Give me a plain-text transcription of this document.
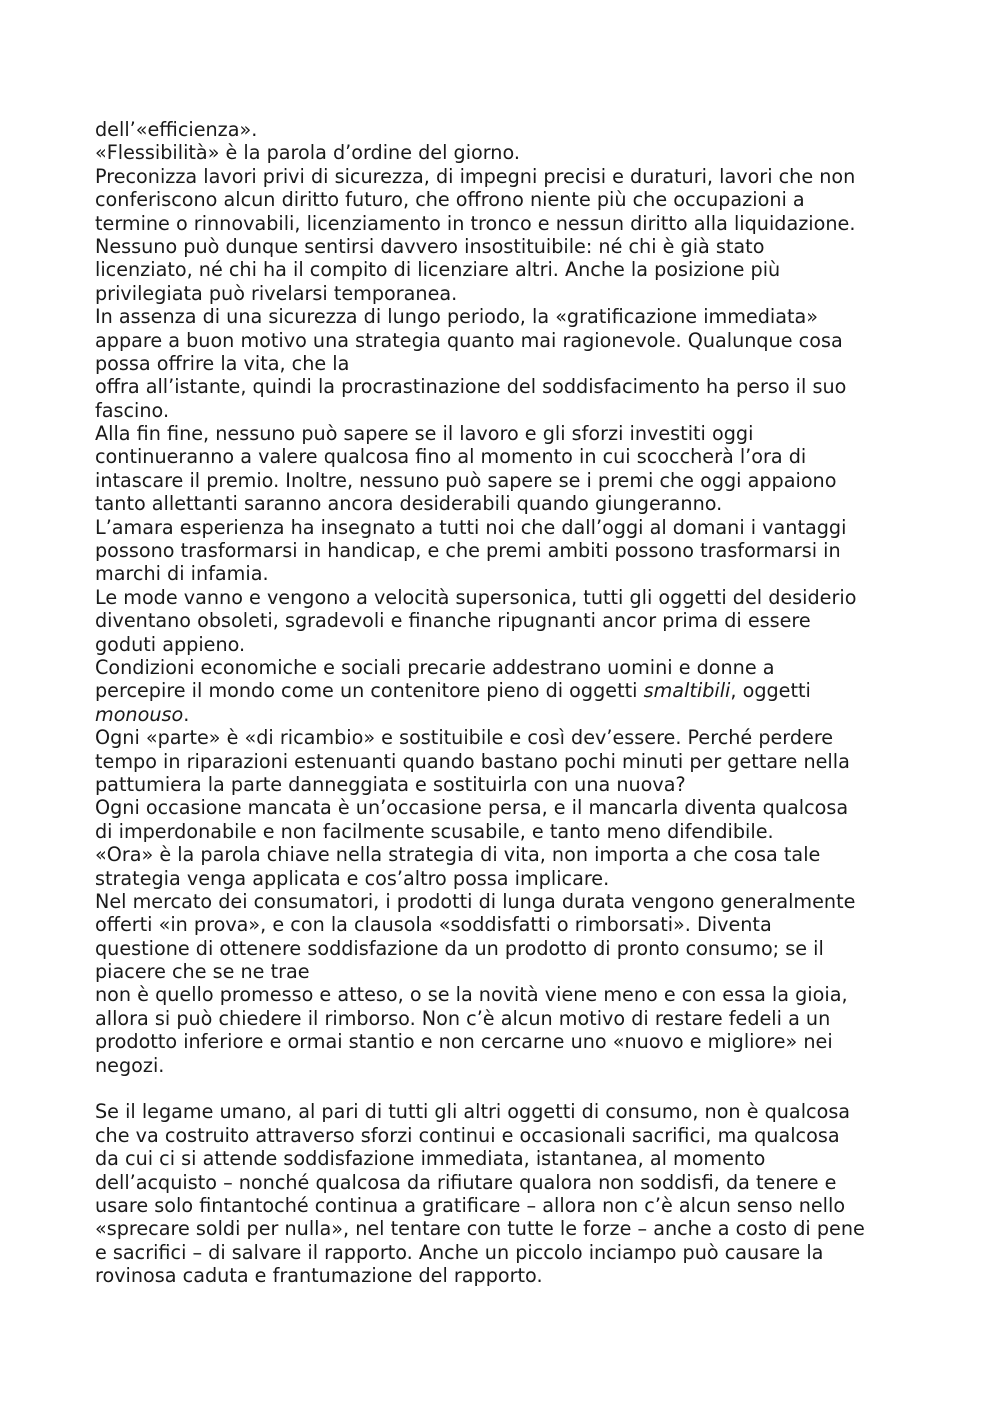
dell’«efficienza».
«Flessibilità» è la parola d’ordine del giorno.
Preconizza lavori privi di sicurezza, di impegni precisi e duraturi, lavori che non
conferiscono alcun diritto futuro, che offrono niente più che occupazioni a
termine o rinnovabili, licenziamento in tronco e nessun diritto alla liquidazione.
Nessuno può dunque sentirsi davvero insostituibile: né chi è già stato
licenziato, né chi ha il compito di licenziare altri. Anche la posizione più
privilegiata può rivelarsi temporanea.
In assenza di una sicurezza di lungo periodo, la «gratificazione immediata»
appare a buon motivo una strategia quanto mai ragionevole. Qualunque cosa
possa offrire la vita, che la
offra all’istante, quindi la procrastinazione del soddisfacimento ha perso il suo
fascino.
Alla fin fine, nessuno può sapere se il lavoro e gli sforzi investiti oggi
continueranno a valere qualcosa fino al momento in cui scoccherà l’ora di
intascare il premio. Inoltre, nessuno può sapere se i premi che oggi appaiono
tanto allettanti saranno ancora desiderabili quando giungeranno.
L’amara esperienza ha insegnato a tutti noi che dall’oggi al domani i vantaggi
possono trasformarsi in handicap, e che premi ambiti possono trasformarsi in
marchi di infamia.
Le mode vanno e vengono a velocità supersonica, tutti gli oggetti del desiderio
diventano obsoleti, sgradevoli e financhе ripugnanti ancor prima di essere
goduti appieno.
Condizioni economiche e sociali precarie addestrano uomini e donne a
percepire il mondo come un contenitore pieno di oggetti smaltibili, oggetti
monouso.
Ogni «parte» è «di ricambio» e sostituibile e così dev’essere. Perché perdere
tempo in riparazioni estenuanti quando bastano pochi minuti per gettare nella
pattumiera la parte danneggiata e sostituirla con una nuova?
Ogni occasione mancata è un’occasione persa, e il mancarla diventa qualcosa
di imperdonabile e non facilmente scusabile, e tanto meno difendibile.
«Ora» è la parola chiave nella strategia di vita, non importa a che cosa tale
strategia venga applicata e cos’altro possa implicare.
Nel mercato dei consumatori, i prodotti di lunga durata vengono generalmente
offerti «in prova», e con la clausola «soddisfatti o rimborsati». Diventa
questione di ottenere soddisfazione da un prodotto di pronto consumo; se il
piacere che se ne trae
non è quello promesso e atteso, o se la novità viene meno e con essa la gioia,
allora si può chiedere il rimborso. Non c’è alcun motivo di restare fedeli a un
prodotto inferiore e ormai stantio e non cercarne uno «nuovo e migliore» nei
negozi.
Se il legame umano, al pari di tutti gli altri oggetti di consumo, non è qualcosa
che va costruito attraverso sforzi continui e occasionali sacrifici, ma qualcosa
da cui ci si attende soddisfazione immediata, istantanea, al momento
dell’acquisto – nonché qualcosa da rifiutare qualora non soddisfi, da tenere e
usare solo fintantoché continua a gratificare – allora non c’è alcun senso nello
«sprecare soldi per nulla», nel tentare con tutte le forze – anche a costo di pene
e sacrifici – di salvare il rapporto. Anche un piccolo inciampo può causare la
rovinosa caduta e frantumazione del rapporto.
